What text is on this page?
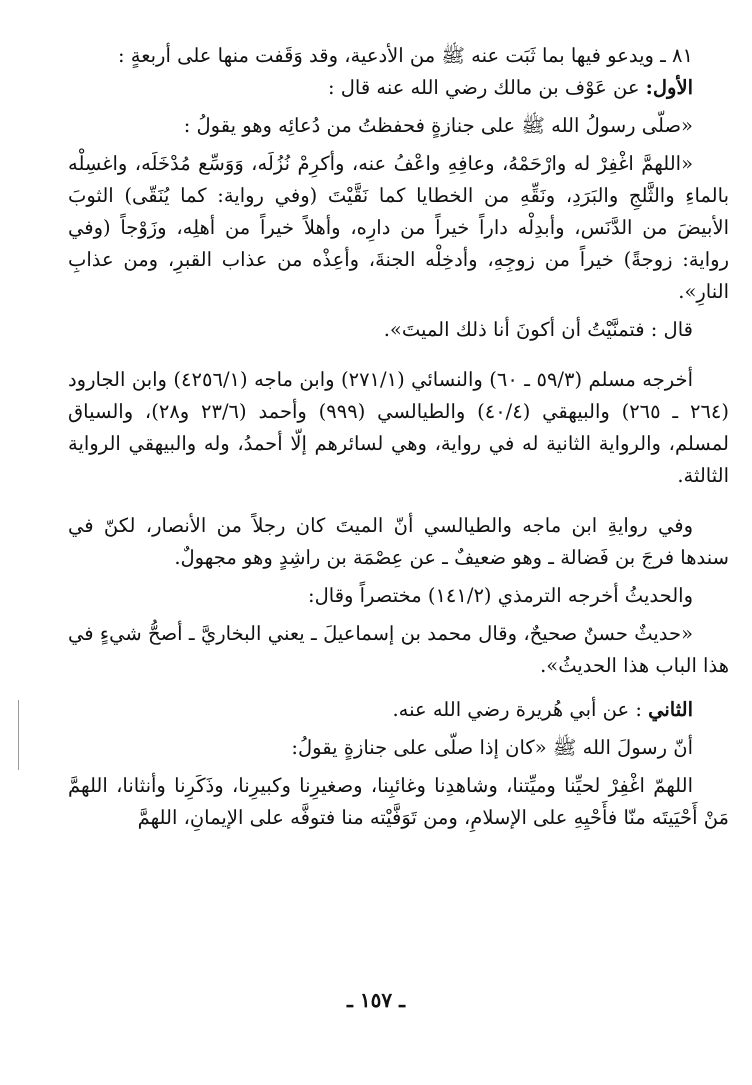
٨١ ـ ويدعو فيها بما ثَبَت عنه ﷺ من الأدعية، وقد وَقَفت منها على أربعةٍ :

الأول: عن عَوْف بن مالك رضي الله عنه قال :

«صلّى رسولُ الله ﷺ على جنازةٍ فحفظتُ من دُعائِه وهو يقولُ :

«اللهمَّ اغْفِرْ له وارْحَمْهُ، وعافِهِ واعْفُ عنه، وأكرِمْ نُزُلَه، وَوَسِّع مُدْخَلَه، واغسِلْه بالماءِ والثَّلجِ والبَرَدِ، ونَقِّهِ من الخطايا كما نَقَّيْتَ (وفي رواية: كما يُنَقّى) الثوبَ الأبيضَ من الدَّنَس، وأبدِلْه داراً خيراً من دارِه، وأهلاً خيراً من أهلِه، وزَوْجاً (وفي رواية: زوجةً) خيراً من زوجِهِ، وأدخِلْه الجنةَ، وأعِذْه من عذاب القبرِ، ومن عذابِ النارِ».

قال : فتمنَّيْتُ أن أكونَ أنا ذلك الميتَ».

أخرجه مسلم (٥٩/٣ ـ ٦٠) والنسائي (٢٧١/١) وابن ماجه (٤٢٥٦/١) وابن الجارود (٢٦٤ ـ ٢٦٥) والبيهقي (٤٠/٤) والطيالسي (٩٩٩) وأحمد (٢٣/٦ و٢٨)، والسياق لمسلم، والرواية الثانية له في رواية، وهي لسائرهم إلّا أحمدُ، وله والبيهقي الرواية الثالثة.

وفي روايةِ ابن ماجه والطيالسي أنّ الميتَ كان رجلاً من الأنصار، لكنّ في سندها فرجَ بن فَضالة ـ وهو ضعيفٌ ـ عن عِصْمَة بن راشِدٍ وهو مجهولٌ.

والحديثُ أخرجه الترمذي (١٤١/٢) مختصراً وقال:

«حديثٌ حسنٌ صحيحٌ، وقال محمد بن إسماعيلَ ـ يعني البخاريَّ ـ أصحُّ شيءٍ في هذا الباب هذا الحديثُ».

الثاني : عن أبي هُريرة رضي الله عنه.

أنّ رسولَ الله ﷺ «كان إذا صلّى على جنازةٍ يقولُ:

اللهمّ اغْفِرْ لحيِّنا وميِّتنا، وشاهدِنا وغائبِنا، وصغيرِنا وكبيرِنا، وذَكَرِنا وأنثانا، اللهمَّ مَنْ أَحْيَيتَه منّا فأَحْيِهِ على الإسلامِ، ومن تَوَفَّيْته منا فتوفَّه على الإيمانِ، اللهمَّ

ـ ١٥٧ ـ
